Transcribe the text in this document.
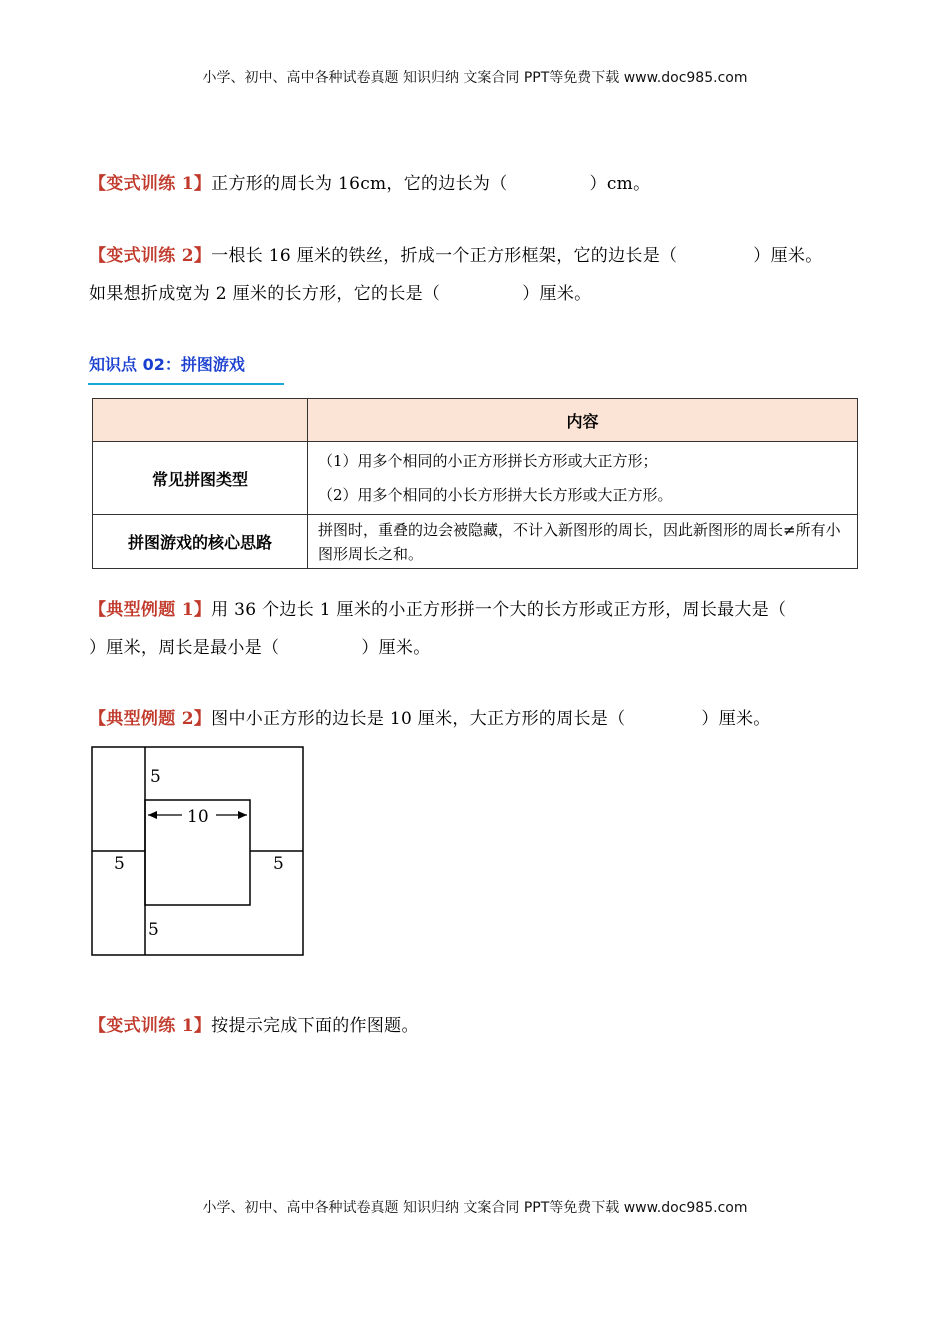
小学、初中、高中各种试卷真题 知识归纳 文案合同 PPT等免费下载 www.doc985.com
【变式训练 1】正方形的周长为 16cm，它的边长为（	）cm。
【变式训练 2】一根长 16 厘米的铁丝，折成一个正方形框架，它的边长是（	）厘米。
如果想折成宽为 2 厘米的长方形，它的长是（	）厘米。
知识点 02：拼图游戏
	内容
常见拼图类型	（1）用多个相同的小正方形拼长方形或大正方形；
（2）用多个相同的小长方形拼大长方形或大正方形。

拼图游戏的核心思路	拼图时，重叠的边会被隐藏，不计入新图形的周长，因此新图形的周长≠所有小图形周长之和。
【典型例题 1】用 36 个边长 1 厘米的小正方形拼一个大的长方形或正方形，周长最大是（
）厘米，周长是最小是（	）厘米。
【典型例题 2】图中小正方形的边长是 10 厘米，大正方形的周长是（	）厘米。
5
10
5	5
5
【变式训练 1】按提示完成下面的作图题。
小学、初中、高中各种试卷真题 知识归纳 文案合同 PPT等免费下载 www.doc985.com
